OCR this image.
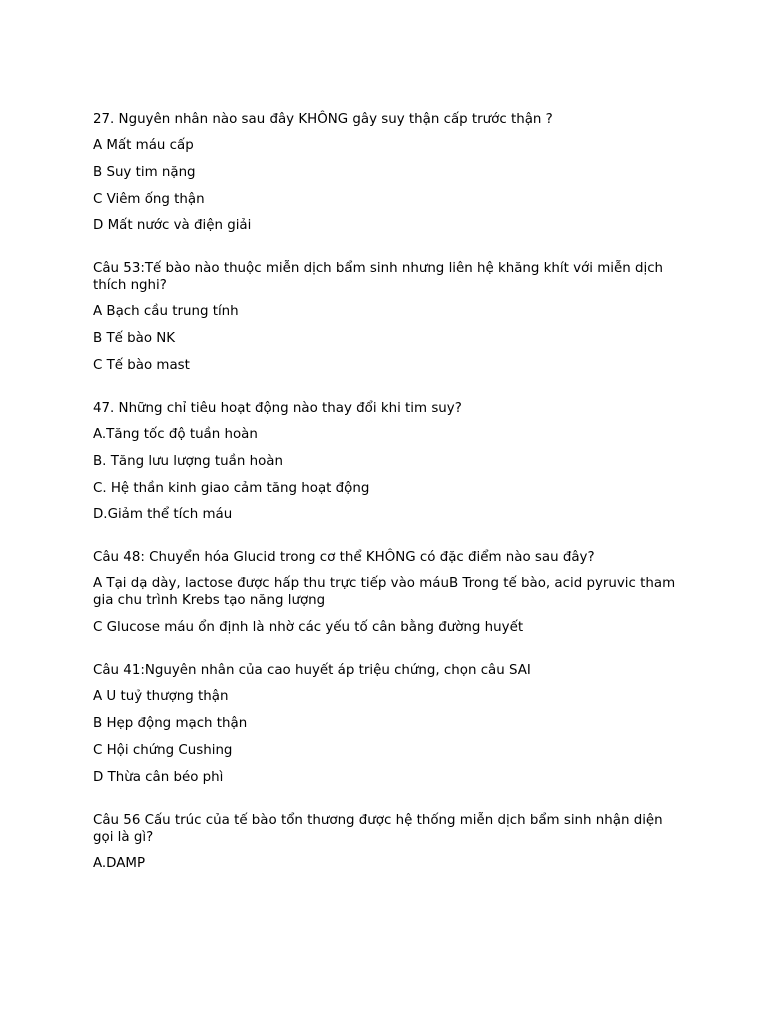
27. Nguyên nhân nào sau đây KHÔNG gây suy thận cấp trước thận ?
A Mất máu cấp
B Suy tim nặng
C Viêm ống thận
D Mất nước và điện giải
Câu 53:Tế bào nào thuộc miễn dịch bẩm sinh nhưng liên hệ khăng khít với miễn dịch thích nghi?
A Bạch cầu trung tính
B Tế bào NK
C Tế bào mast
47. Những chỉ tiêu hoạt động nào thay đổi khi tim suy?
A.Tăng tốc độ tuần hoàn
B. Tăng lưu lượng tuần hoàn
C. Hệ thần kinh giao cảm tăng hoạt động
D.Giảm thể tích máu
Câu 48: Chuyển hóa Glucid trong cơ thể KHÔNG có đặc điểm nào sau đây?
A Tại dạ dày, lactose được hấp thu trực tiếp vào máuB Trong tế bào, acid pyruvic tham gia chu trình Krebs tạo năng lượng
C Glucose máu ổn định là nhờ các yếu tố cân bằng đường huyết
Câu 41:Nguyên nhân của cao huyết áp triệu chứng, chọn câu SAI
A U tuỷ thượng thận
B Hẹp động mạch thận
C Hội chứng Cushing
D Thừa cân béo phì
Câu 56 Cấu trúc của tế bào tổn thương được hệ thống miễn dịch bẩm sinh nhận diện gọi là gì?
A.DAMP
